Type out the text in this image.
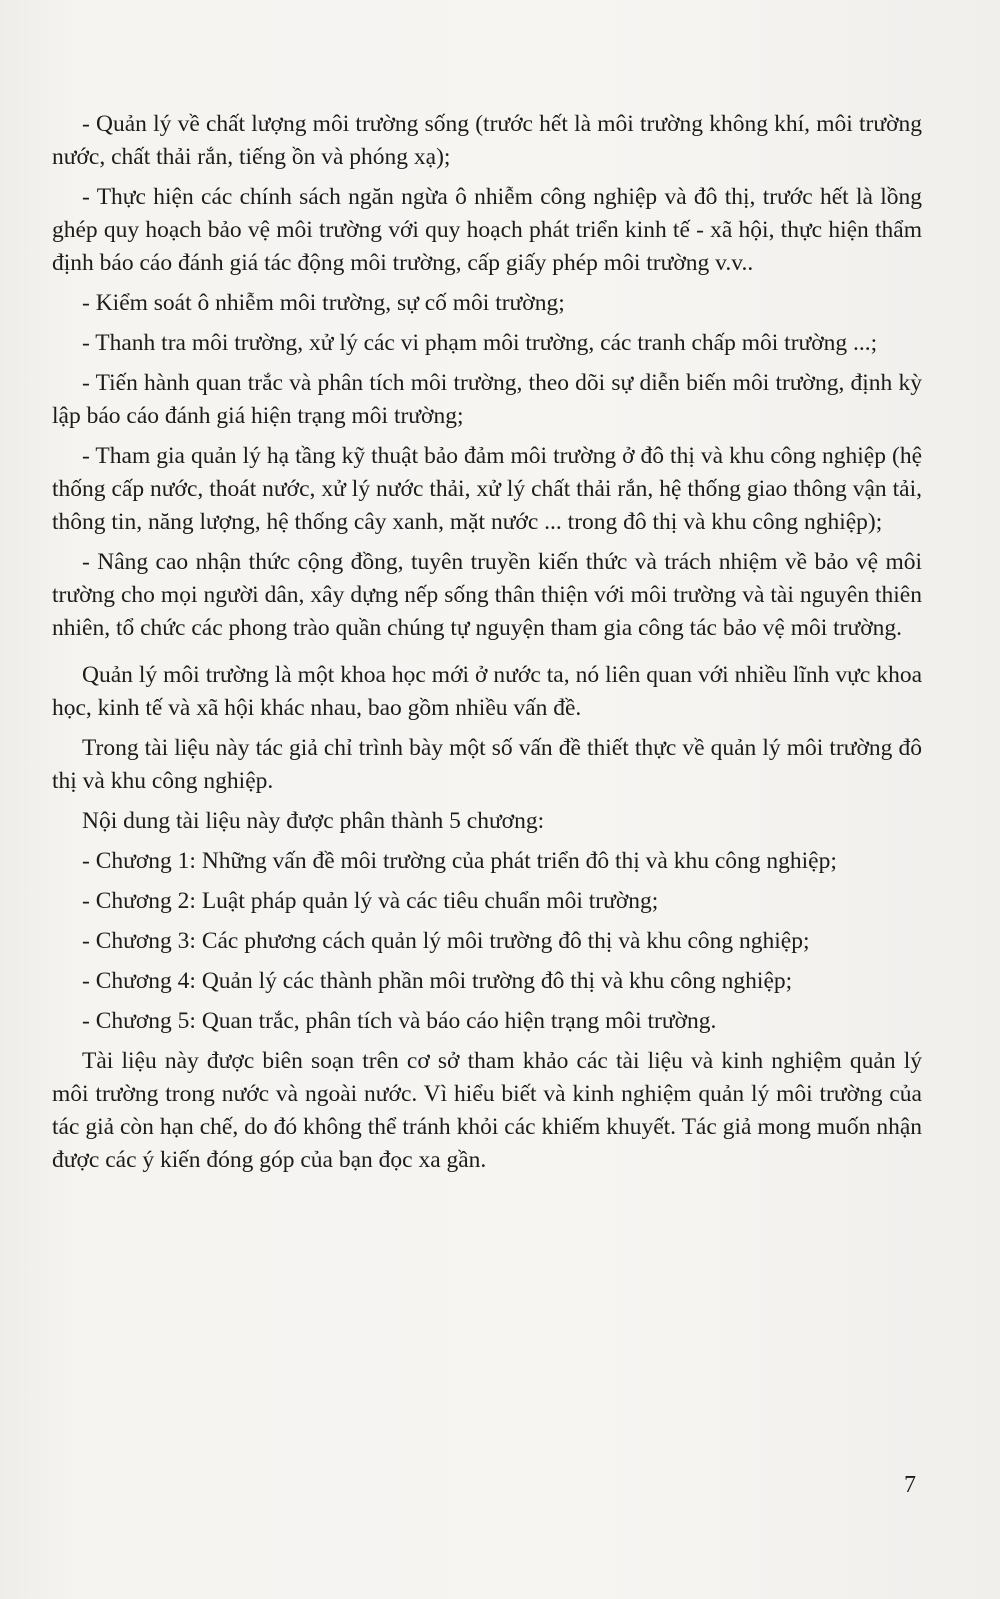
- Quản lý về chất lượng môi trường sống (trước hết là môi trường không khí, môi trường nước, chất thải rắn, tiếng ồn và phóng xạ);

- Thực hiện các chính sách ngăn ngừa ô nhiễm công nghiệp và đô thị, trước hết là lồng ghép quy hoạch bảo vệ môi trường với quy hoạch phát triển kinh tế - xã hội, thực hiện thẩm định báo cáo đánh giá tác động môi trường, cấp giấy phép môi trường v.v..

- Kiểm soát ô nhiễm môi trường, sự cố môi trường;

- Thanh tra môi trường, xử lý các vi phạm môi trường, các tranh chấp môi trường ...;

- Tiến hành quan trắc và phân tích môi trường, theo dõi sự diễn biến môi trường, định kỳ lập báo cáo đánh giá hiện trạng môi trường;

- Tham gia quản lý hạ tầng kỹ thuật bảo đảm môi trường ở đô thị và khu công nghiệp (hệ thống cấp nước, thoát nước, xử lý nước thải, xử lý chất thải rắn, hệ thống giao thông vận tải, thông tin, năng lượng, hệ thống cây xanh, mặt nước ... trong đô thị và khu công nghiệp);

- Nâng cao nhận thức cộng đồng, tuyên truyền kiến thức và trách nhiệm về bảo vệ môi trường cho mọi người dân, xây dựng nếp sống thân thiện với môi trường và tài nguyên thiên nhiên, tổ chức các phong trào quần chúng tự nguyện tham gia công tác bảo vệ môi trường.

Quản lý môi trường là một khoa học mới ở nước ta, nó liên quan với nhiều lĩnh vực khoa học, kinh tế và xã hội khác nhau, bao gồm nhiều vấn đề.

Trong tài liệu này tác giả chỉ trình bày một số vấn đề thiết thực về quản lý môi trường đô thị và khu công nghiệp.

Nội dung tài liệu này được phân thành 5 chương:

- Chương 1: Những vấn đề môi trường của phát triển đô thị và khu công nghiệp;

- Chương 2: Luật pháp quản lý và các tiêu chuẩn môi trường;

- Chương 3: Các phương cách quản lý môi trường đô thị và khu công nghiệp;

- Chương 4: Quản lý các thành phần môi trường đô thị và khu công nghiệp;

- Chương 5: Quan trắc, phân tích và báo cáo hiện trạng môi trường.

Tài liệu này được biên soạn trên cơ sở tham khảo các tài liệu và kinh nghiệm quản lý môi trường trong nước và ngoài nước. Vì hiểu biết và kinh nghiệm quản lý môi trường của tác giả còn hạn chế, do đó không thể tránh khỏi các khiếm khuyết. Tác giả mong muốn nhận được các ý kiến đóng góp của bạn đọc xa gần.

7
